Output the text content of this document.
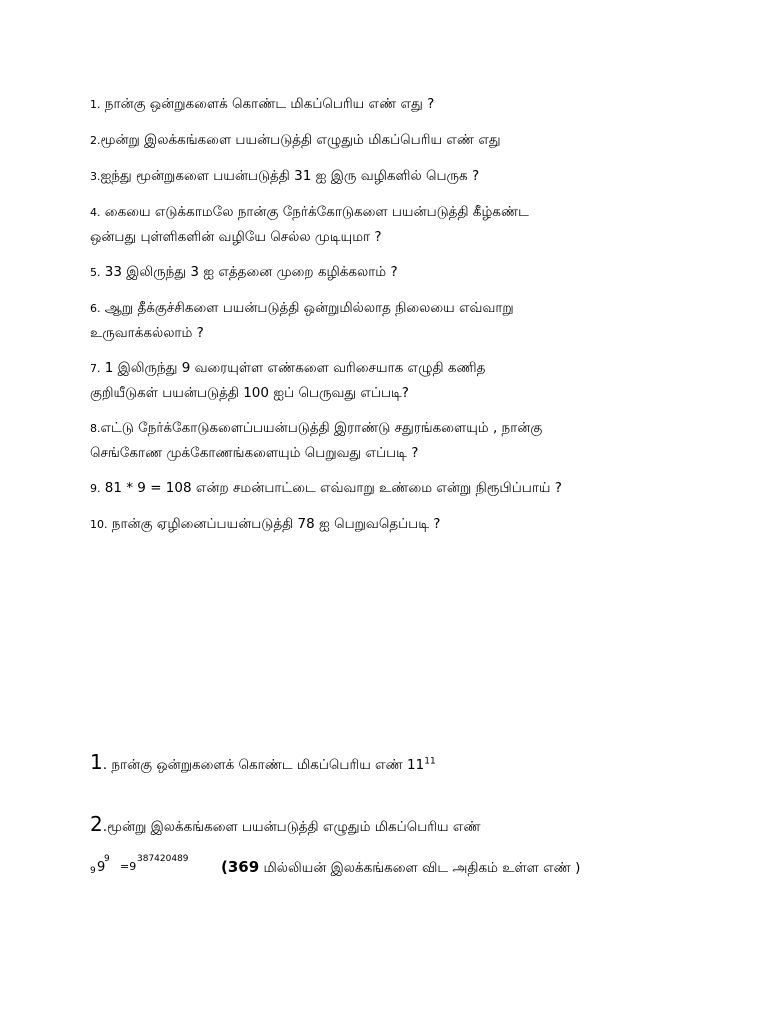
1. நான்கு ஒன்றுகளைக் கொண்ட மிகப்பெரிய எண் எது ?
2.மூன்று இலக்கங்களை பயன்படுத்தி எழுதும் மிகப்பெரிய எண் எது
3.ஐந்து மூன்றுகளை பயன்படுத்தி 31 ஐ இரு வழிகளில் பெருக ?
4. கையை எடுக்காமலே நான்கு நேர்க்கோடுகளை பயன்படுத்தி கீழ்கண்ட
ஒன்பது புள்ளிகளின் வழியே செல்ல முடியுமா ?
5. 33 இலிருந்து 3 ஐ எத்தனை முறை கழிக்கலாம் ?
6. ஆறு தீக்குச்சிகளை பயன்படுத்தி ஒன்றுமில்லாத நிலையை எவ்வாறு
உருவாக்கல்லாம் ?
7. 1 இலிருந்து 9 வரையுள்ள எண்களை வரிசையாக எழுதி கணித
குறியீடுகள் பயன்படுத்தி 100 ஐப் பெருவது எப்படி?
8.எட்டு நேர்க்கோடுகளைப்பயன்படுத்தி இராண்டு சதுரங்களையும் , நான்கு
செங்கோண முக்கோணங்களையும் பெறுவது எப்படி ?
9. 81 * 9 = 108 என்ற சமன்பாட்டை எவ்வாறு உண்மை என்று நிரூபிப்பாய் ?
10. நான்கு ஏழினைப்பயன்படுத்தி 78 ஐ பெறுவதெப்படி ?
1. நான்கு ஒன்றுகளைக் கொண்ட மிகப்பெரிய எண் $11^{11}$
2.மூன்று இலக்கங்களை பயன்படுத்தி எழுதும் மிகப்பெரிய எண்
9 9
9
=9
387420489 (369 மில்லியன் இலக்கங்களை விட அதிகம் உள்ள எண் )
